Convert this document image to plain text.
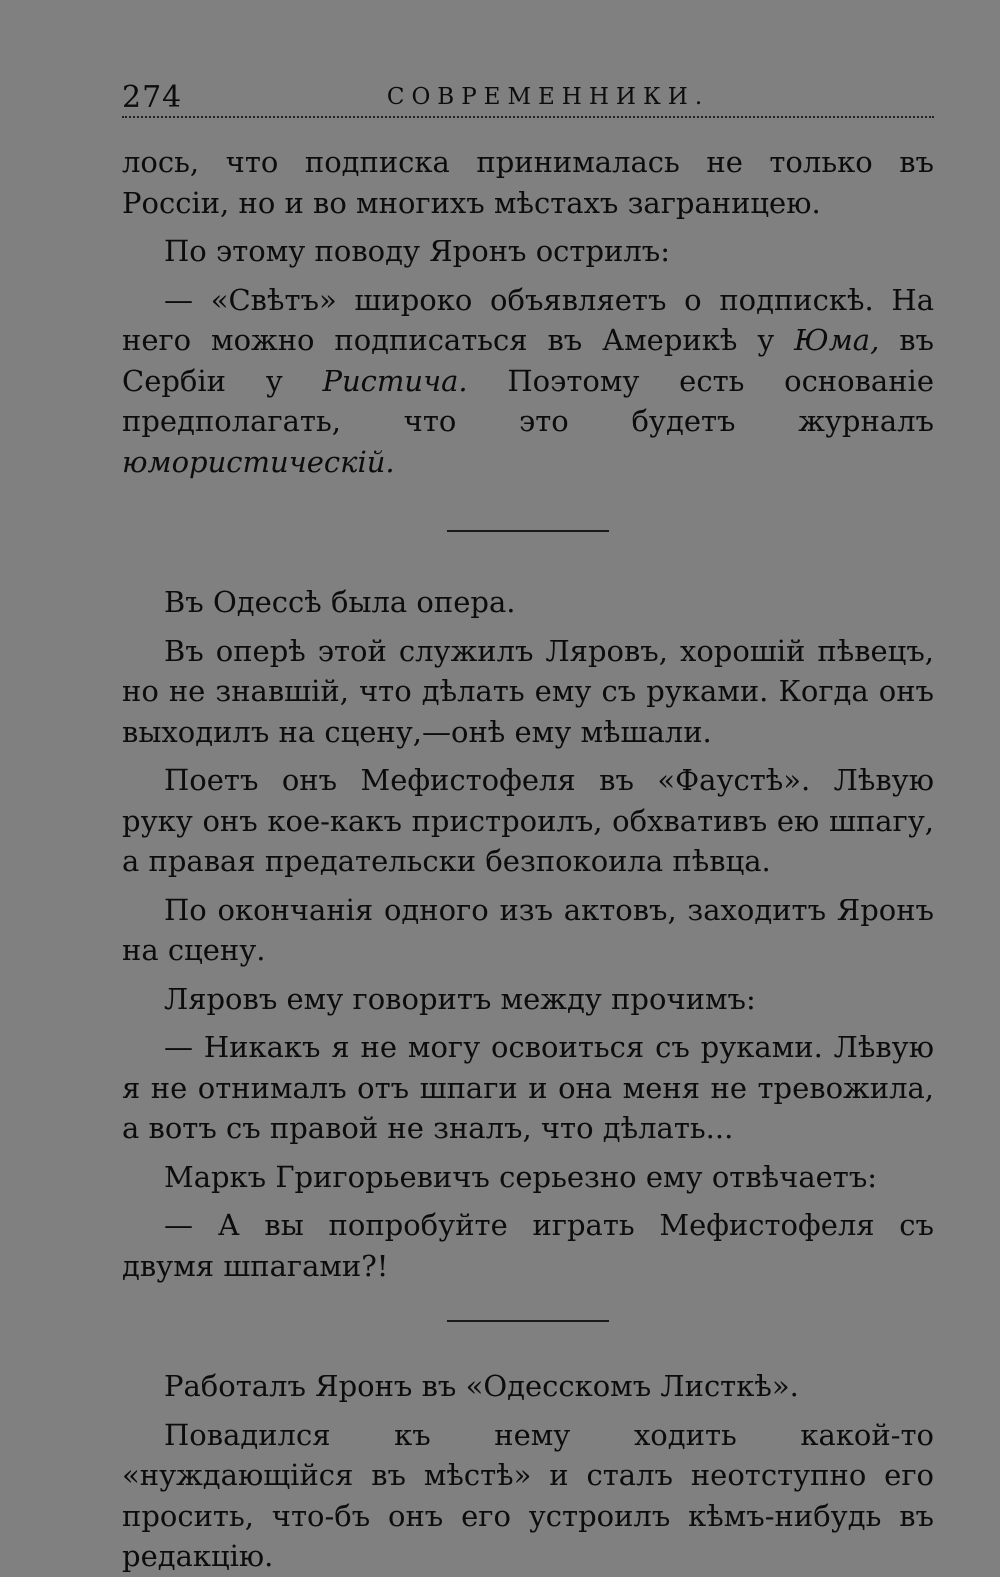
274	СОВРЕМЕННИКИ.

лось, что подписка принималась не только въ Россіи, но и во многихъ мѣстахъ заграницею.

По этому поводу Яронъ острилъ:

— «Свѣтъ» широко объявляетъ о подпискѣ. На него можно подписаться въ Америкѣ у Юма, въ Сербіи у Ристича. Поэтому есть основаніе предполагать, что это будетъ журналъ юмористическій.

Въ Одессѣ была опера.

Въ оперѣ этой служилъ Ляровъ, хорошій пѣвецъ, но не знавшій, что дѣлать ему съ руками. Когда онъ выходилъ на сцену,—онѣ ему мѣшали.

Поетъ онъ Мефистофеля въ «Фаустѣ». Лѣвую руку онъ кое-какъ пристроилъ, обхвативъ ею шпагу, а правая предательски безпокоила пѣвца.

По окончанія одного изъ актовъ, заходитъ Яронъ на сцену.

Ляровъ ему говоритъ между прочимъ:

— Никакъ я не могу освоиться съ руками. Лѣвую я не отнималъ отъ шпаги и она меня не тревожила, а вотъ съ правой не зналъ, что дѣлать...

Маркъ Григорьевичъ серьезно ему отвѣчаетъ:

— А вы попробуйте играть Мефистофеля съ двумя шпагами?!

Работалъ Яронъ въ «Одесскомъ Листкѣ».

Повадился къ нему ходить какой-то «нуждающійся въ мѣстѣ» и сталъ неотступно его просить, что-бъ онъ его устроилъ кѣмъ-нибудь въ редакцію.
